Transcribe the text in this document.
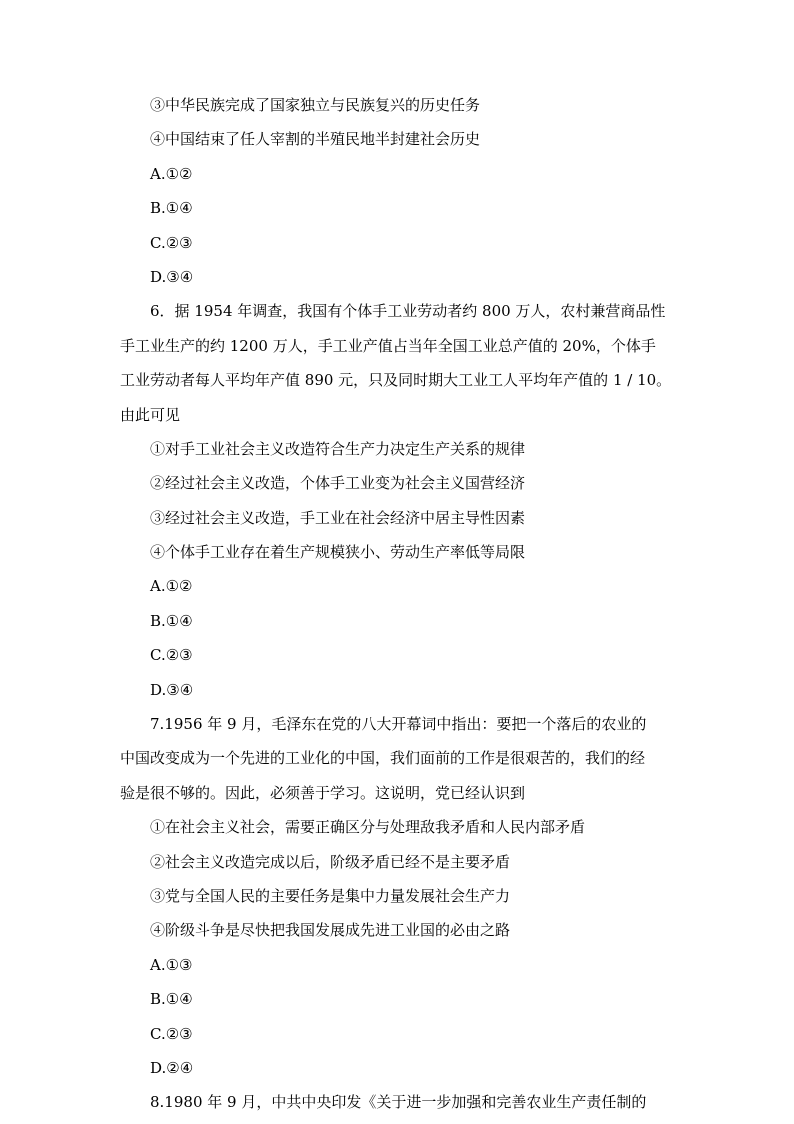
③中华民族完成了国家独立与民族复兴的历史任务
④中国结束了任人宰割的半殖民地半封建社会历史
A.①②
B.①④
C.②③
D.③④
6．据 1954 年调查，我国有个体手工业劳动者约 800 万人，农村兼营商品性
手工业生产的约 1200 万人，手工业产值占当年全国工业总产值的 20%，个体手
工业劳动者每人平均年产值 890 元，只及同时期大工业工人平均年产值的 1 / 10。
由此可见
①对手工业社会主义改造符合生产力决定生产关系的规律
②经过社会主义改造，个体手工业变为社会主义国营经济
③经过社会主义改造，手工业在社会经济中居主导性因素
④个体手工业存在着生产规模狭小、劳动生产率低等局限
A.①②
B.①④
C.②③
D.③④
7.1956 年 9 月，毛泽东在党的八大开幕词中指出：要把一个落后的农业的
中国改变成为一个先进的工业化的中国，我们面前的工作是很艰苦的，我们的经
验是很不够的。因此，必须善于学习。这说明，党已经认识到
①在社会主义社会，需要正确区分与处理敌我矛盾和人民内部矛盾
②社会主义改造完成以后，阶级矛盾已经不是主要矛盾
③党与全国人民的主要任务是集中力量发展社会生产力
④阶级斗争是尽快把我国发展成先进工业国的必由之路
A.①③
B.①④
C.②③
D.②④
8.1980 年 9 月，中共中央印发《关于进一步加强和完善农业生产责任制的
